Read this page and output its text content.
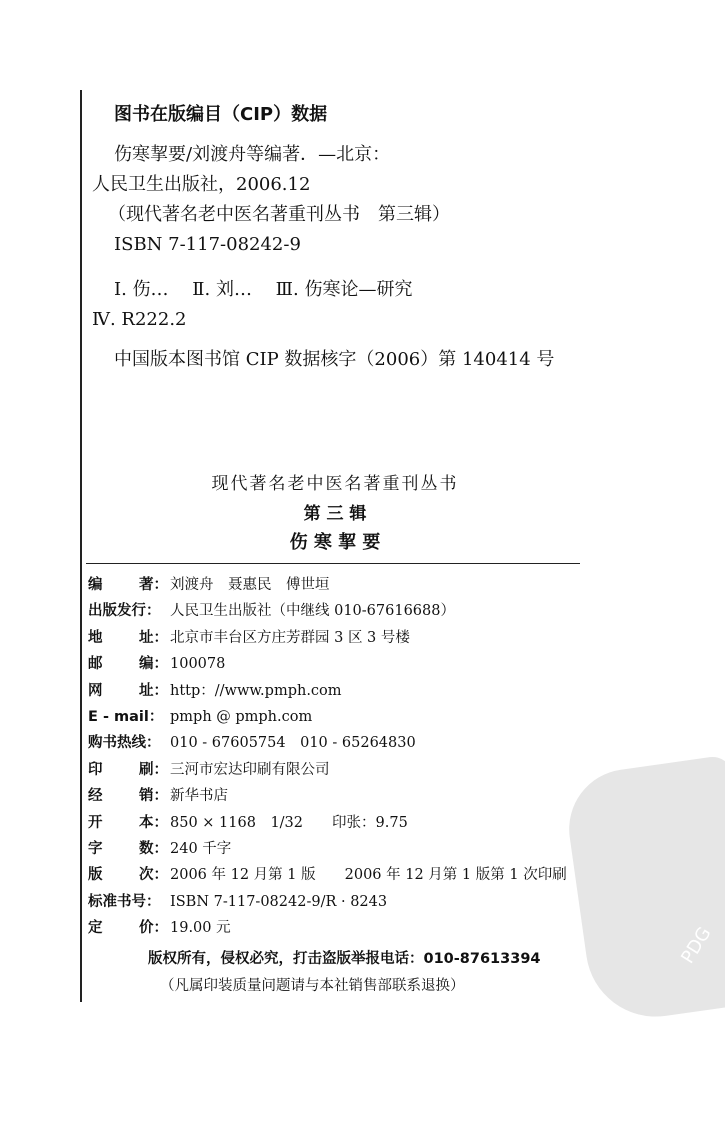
PDG
图书在版编目（CIP）数据
伤寒挈要/刘渡舟等编著．—北京：
人民卫生出版社，2006.12
（现代著名老中医名著重刊丛书　第三辑）
ISBN 7-117-08242-9
Ⅰ. 伤…　 Ⅱ. 刘…　 Ⅲ. 伤寒论—研究
Ⅳ. R222.2
中国版本图书馆 CIP 数据核字（2006）第 140414 号
现代著名老中医名著重刊丛书
第 三 辑
伤 寒 挈 要
编	著： 刘渡舟　聂惠民　傅世垣
出版发行： 人民卫生出版社（中继线 010-67616688）
地	址： 北京市丰台区方庄芳群园 3 区 3 号楼
邮	编： 100078
网	址： http：//www.pmph.com
E - mail： pmph @ pmph.com
购书热线： 010 - 67605754　010 - 65264830
印	刷： 三河市宏达印刷有限公司
经	销： 新华书店
开	本： 850 × 1168　1/32　　印张：9.75
字	数： 240 千字
版	次： 2006 年 12 月第 1 版　　2006 年 12 月第 1 版第 1 次印刷
标准书号： ISBN 7-117-08242-9/R · 8243
定	价： 19.00 元
版权所有，侵权必究，打击盗版举报电话：010-87613394
（凡属印装质量问题请与本社销售部联系退换）
